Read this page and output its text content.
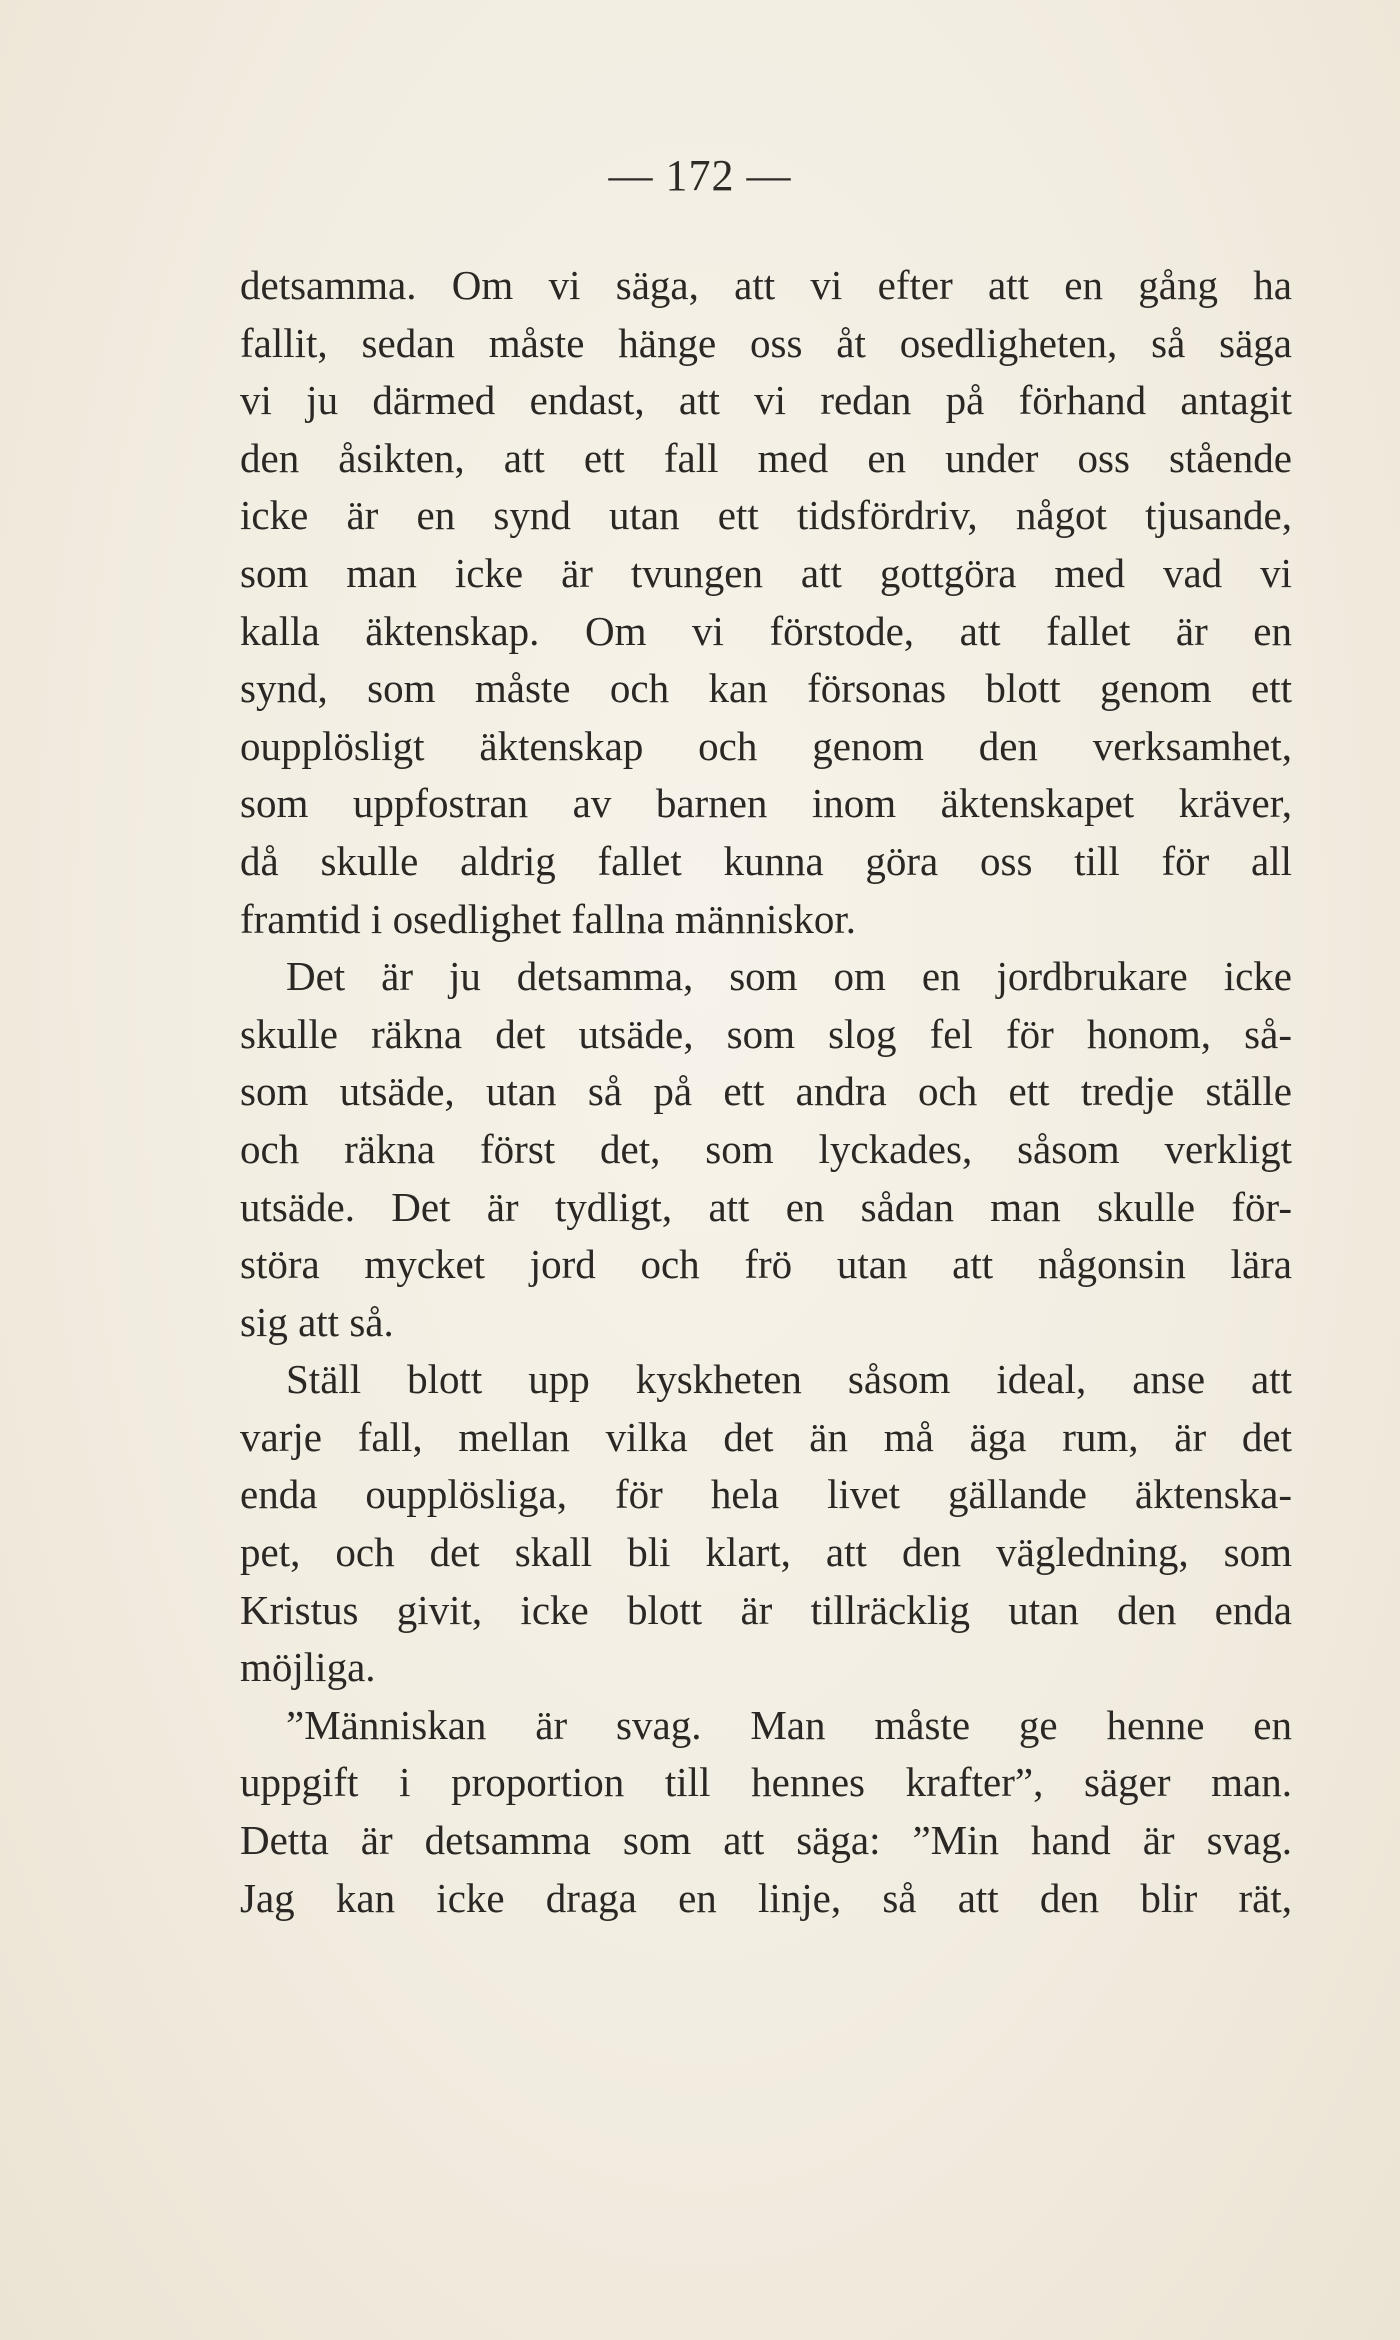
— 172 —
detsamma. Om vi säga, att vi efter att en gång ha
fallit, sedan måste hänge oss åt osedligheten, så säga
vi ju därmed endast, att vi redan på förhand antagit
den åsikten, att ett fall med en under oss stående
icke är en synd utan ett tidsfördriv, något tjusande,
som man icke är tvungen att gottgöra med vad vi
kalla äktenskap. Om vi förstode, att fallet är en
synd, som måste och kan försonas blott genom ett
oupplösligt äktenskap och genom den verksamhet,
som uppfostran av barnen inom äktenskapet kräver,
då skulle aldrig fallet kunna göra oss till för all
framtid i osedlighet fallna människor.
Det är ju detsamma, som om en jordbrukare icke
skulle räkna det utsäde, som slog fel för honom, så-
som utsäde, utan så på ett andra och ett tredje ställe
och räkna först det, som lyckades, såsom verkligt
utsäde. Det är tydligt, att en sådan man skulle för-
störa mycket jord och frö utan att någonsin lära
sig att så.
Ställ blott upp kyskheten såsom ideal, anse att
varje fall, mellan vilka det än må äga rum, är det
enda oupplösliga, för hela livet gällande äktenska-
pet, och det skall bli klart, att den vägledning, som
Kristus givit, icke blott är tillräcklig utan den enda
möjliga.
”Människan är svag. Man måste ge henne en
uppgift i proportion till hennes krafter”, säger man.
Detta är detsamma som att säga: ”Min hand är svag.
Jag kan icke draga en linje, så att den blir rät,
